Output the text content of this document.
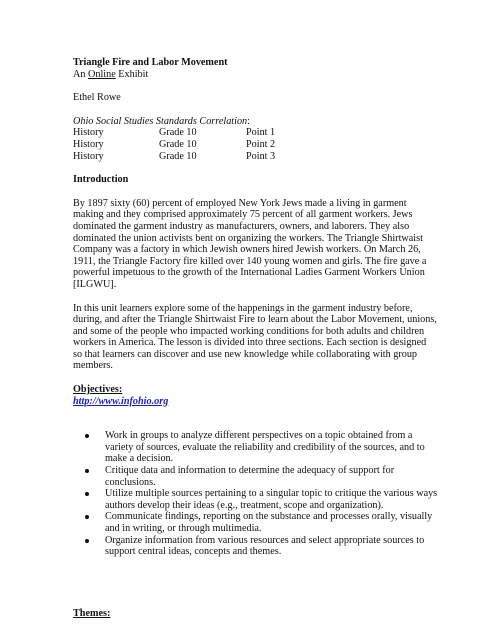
Triangle Fire and Labor Movement
An Online Exhibit
Ethel Rowe
Ohio Social Studies Standards Correlation:
History	Grade 10	Point 1
History	Grade 10	Point 2
History	Grade 10	Point 3
Introduction
By 1897 sixty (60) percent of employed New York Jews made a living in garment
making and they comprised approximately 75 percent of all garment workers. Jews
dominated the garment industry as manufacturers, owners, and laborers. They also
dominated the union activists bent on organizing the workers. The Triangle Shirtwaist
Company was a factory in which Jewish owners hired Jewish workers. On March 26,
1911, the Triangle Factory fire killed over 140 young women and girls. The fire gave a
powerful impetuous to the growth of the International Ladies Garment Workers Union
[ILGWU].
In this unit learners explore some of the happenings in the garment industry before,
during, and after the Triangle Shirtwaist Fire to learn about the Labor Movement, unions,
and some of the people who impacted working conditions for both adults and children
workers in America. The lesson is divided into three sections. Each section is designed
so that learners can discover and use new knowledge while collaborating with group
members.
Objectives:
http://www.infohio.org
Work in groups to analyze different perspectives on a topic obtained from a
variety of sources, evaluate the reliability and credibility of the sources, and to
make a decision.
Critique data and information to determine the adequacy of support for
conclusions.
Utilize multiple sources pertaining to a singular topic to critique the various ways
authors develop their ideas (e.g., treatment, scope and organization).
Communicate findings, reporting on the substance and processes orally, visually
and in writing, or through multimedia.
Organize information from various resources and select appropriate sources to
support central ideas, concepts and themes.
Themes:
